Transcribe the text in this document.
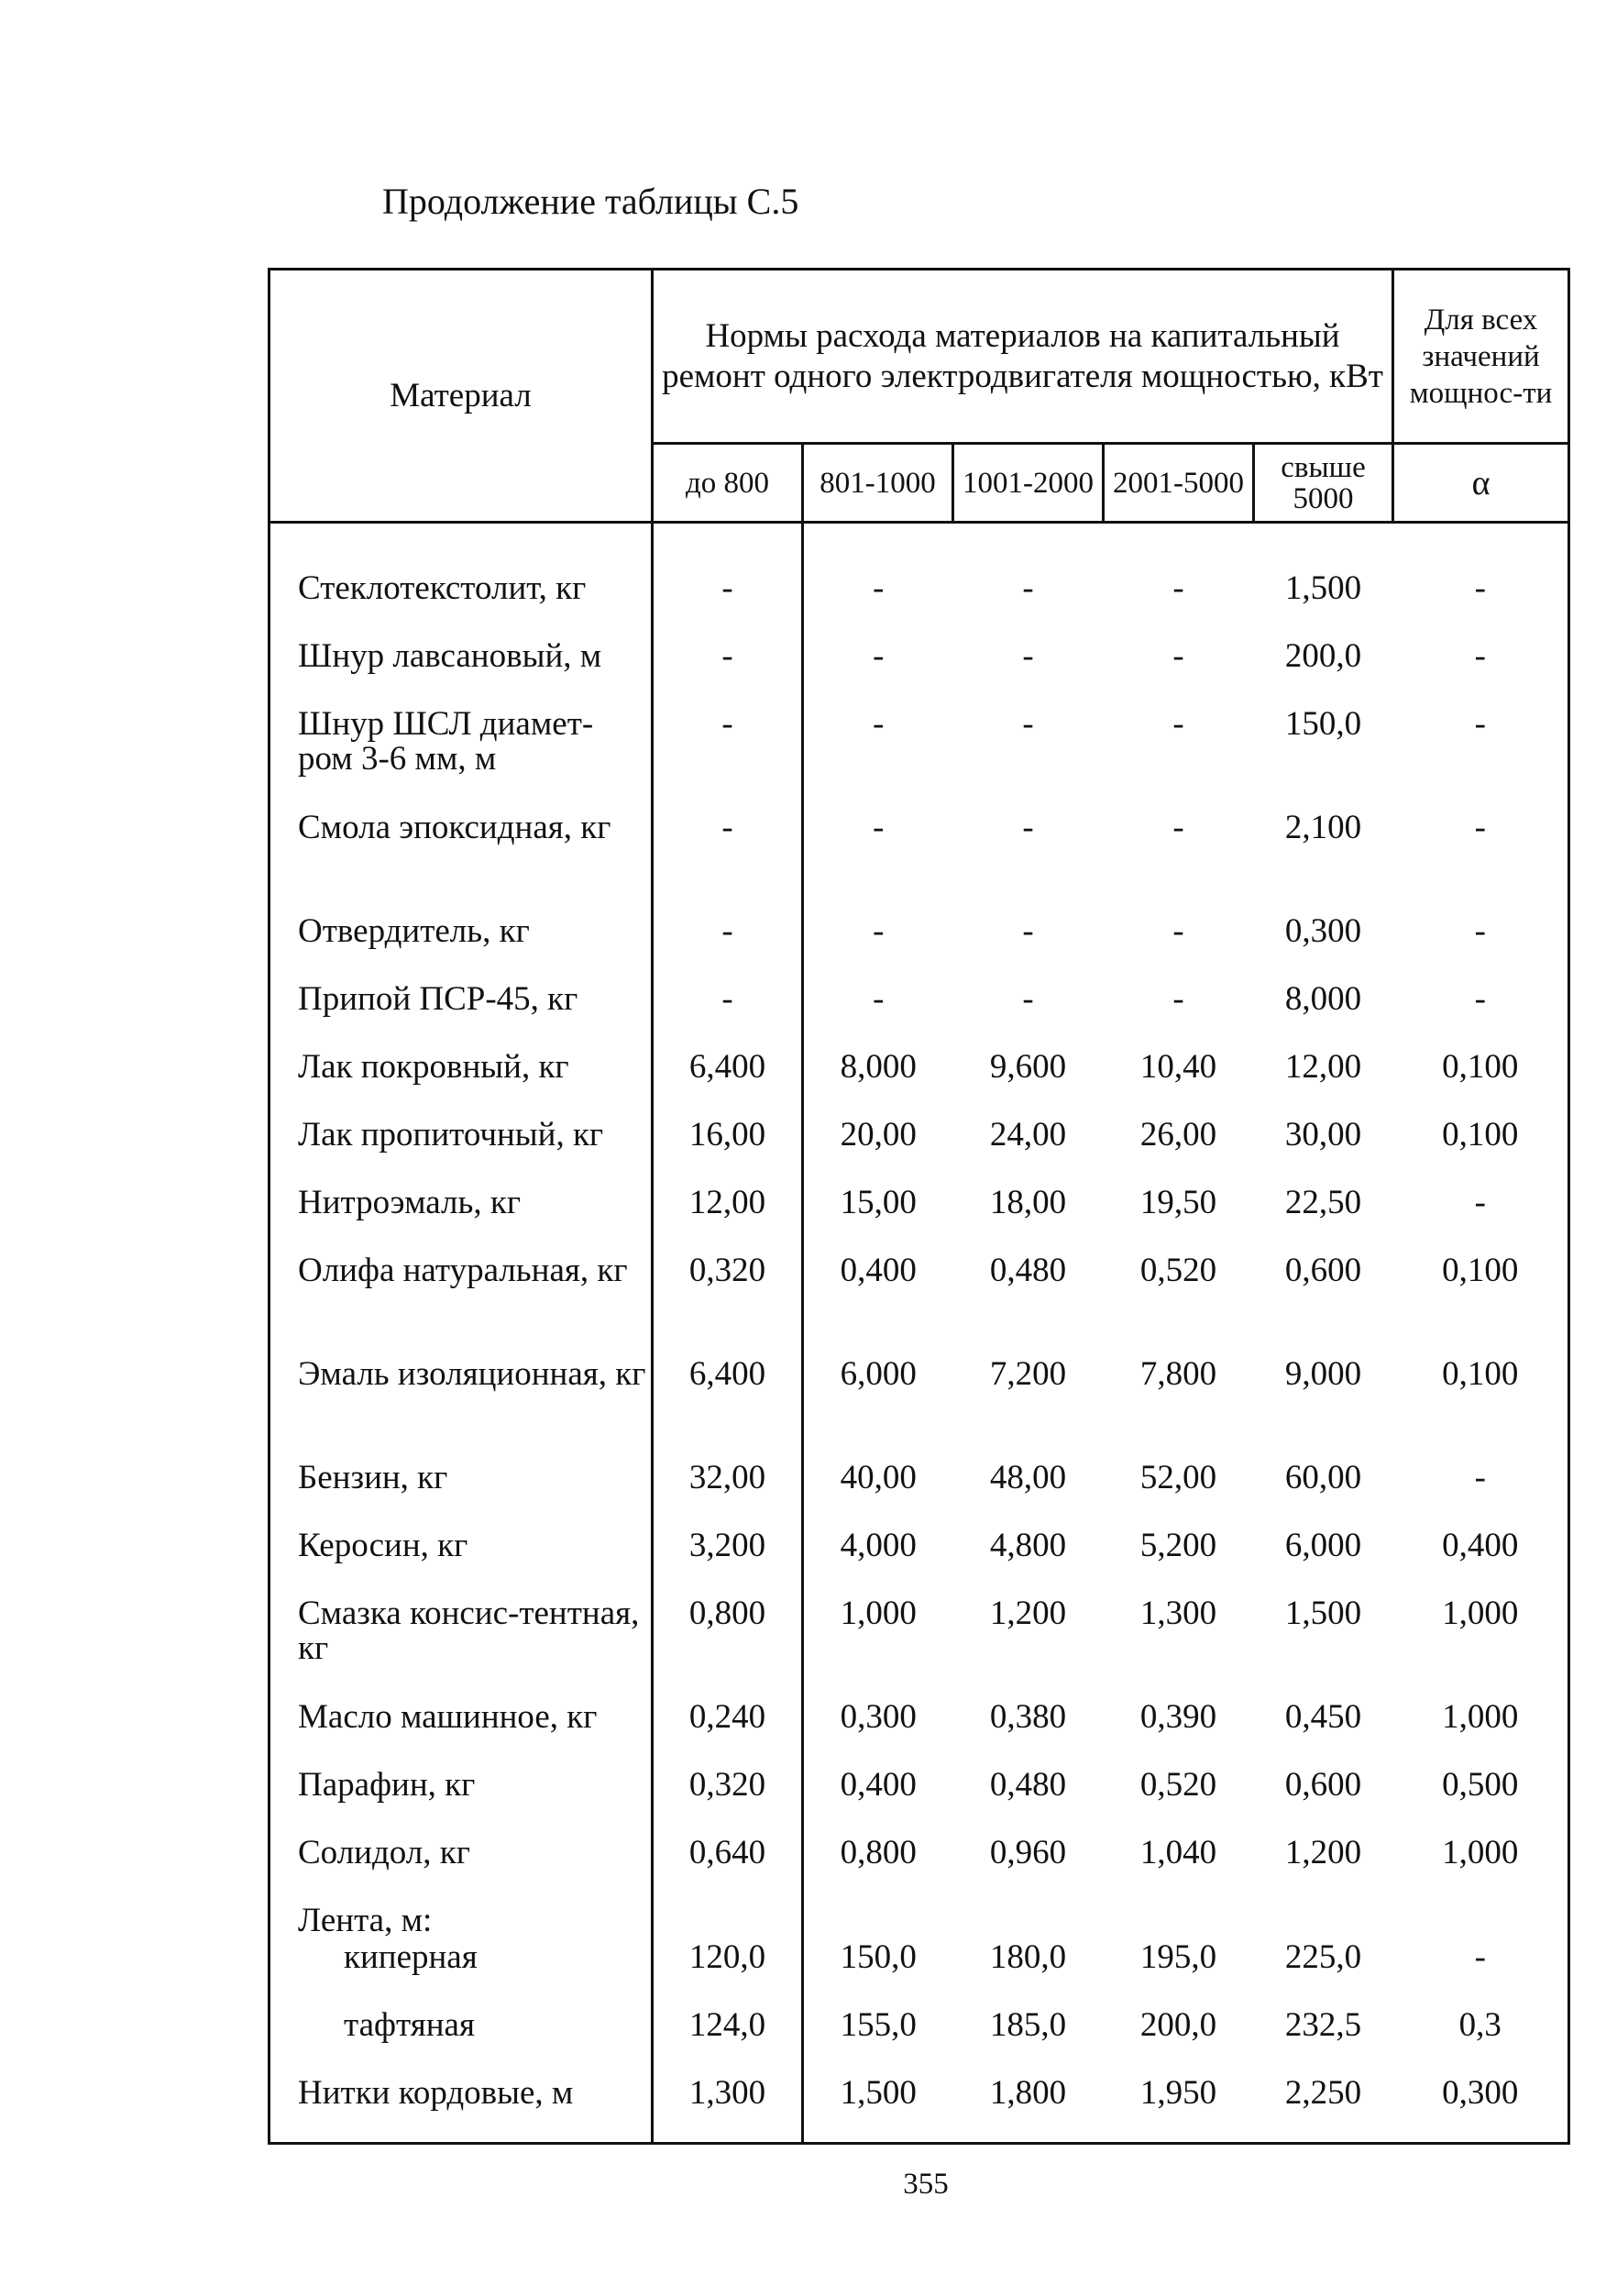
Продолжение таблицы С.5
Материал	Нормы расхода материалов на капитальный ремонт одного электродвигателя мощностью, кВт					Для всех значений мощнос-ти
	до 800	801-1000	1001-2000	2001-5000	свыше 5000	α
Стеклотекстолит, кг	-	-	-	-	1,500	-
Шнур лавсановый, м	-	-	-	-	200,0	-
Шнур ШСЛ диамет-ром 3-6 мм, м	-	-	-	-	150,0	-
Смола эпоксидная, кг	-	-	-	-	2,100	-
Отвердитель, кг	-	-	-	-	0,300	-
Припой ПСР-45, кг	-	-	-	-	8,000	-
Лак покровный, кг	6,400	8,000	9,600	10,40	12,00	0,100
Лак пропиточный, кг	16,00	20,00	24,00	26,00	30,00	0,100
Нитроэмаль, кг	12,00	15,00	18,00	19,50	22,50	-
Олифа натуральная, кг	0,320	0,400	0,480	0,520	0,600	0,100
Эмаль изоляционная, кг	6,400	6,000	7,200	7,800	9,000	0,100
Бензин, кг	32,00	40,00	48,00	52,00	60,00	-
Керосин, кг	3,200	4,000	4,800	5,200	6,000	0,400
Смазка консис-тентная, кг	0,800	1,000	1,200	1,300	1,500	1,000
Масло машинное, кг	0,240	0,300	0,380	0,390	0,450	1,000
Парафин, кг	0,320	0,400	0,480	0,520	0,600	0,500
Солидол, кг	0,640	0,800	0,960	1,040	1,200	1,000
Лента, м:						
киперная	120,0	150,0	180,0	195,0	225,0	-
тафтяная	124,0	155,0	185,0	200,0	232,5	0,3
Нитки кордовые, м	1,300	1,500	1,800	1,950	2,250	0,300
355
